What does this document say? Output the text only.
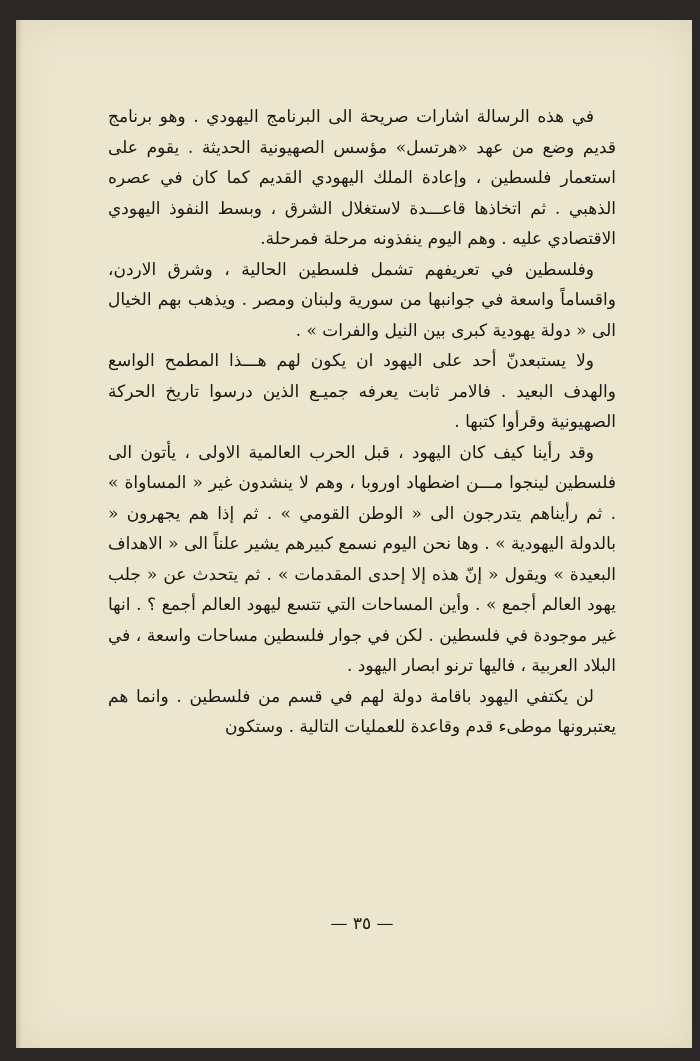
في هذه الرسالة اشارات صريحة الى البرنامج اليهودي . وهو برنامج قديم وضع من عهد «هرتسل» مؤسس الصهيونية الحديثة . يقوم على استعمار فلسطين ، وإعادة الملك اليهودي القديم كما كان في عصره الذهبي . ثم اتخاذها قاعـــدة لاستغلال الشرق ، وبسط النفوذ اليهودي الاقتصادي عليه . وهم اليوم ينفذونه مرحلة فمرحلة.

وفلسطين في تعريفهم تشمل فلسطين الحالية ، وشرق الاردن، واقساماً واسعة في جوانبها من سورية ولبنان ومصر . ويذهب بهم الخيال الى « دولة يهودية كبرى بين النيل والفرات » .

ولا يستبعدنّ أحد على اليهود ان يكون لهم هـــذا المطمح الواسع والهدف البعيد . فالامر ثابت يعرفه جميـع الذين درسوا تاريخ الحركة الصهيونية وقرأوا كتبها .

وقد رأينا كيف كان اليهود ، قبل الحرب العالمية الاولى ، يأتون الى فلسطين لينجوا مـــن اضطهاد اوروبا ، وهم لا ينشدون غير « المساواة » . ثم رأيناهم يتدرجون الى « الوطن القومي » . ثم إذا هم يجهرون « بالدولة اليهودية » . وها نحن اليوم نسمع كبيرهم يشير علناً الى « الاهداف البعيدة » ويقول « إنّ هذه إلا إحدى المقدمات » . ثم يتحدث عن « جلب يهود العالم أجمع » . وأين المساحات التي تتسع ليهود العالم أجمع ؟ . انها غير موجودة في فلسطين . لكن في جوار فلسطين مساحات واسعة ، في البلاد العربية ، فاليها ترنو ابصار اليهود .

لن يكتفي اليهود باقامة دولة لهم في قسم من فلسطين . وانما هم يعتبرونها موطىء قدم وقاعدة للعمليات التالية . وستكون

— ٣٥ —
